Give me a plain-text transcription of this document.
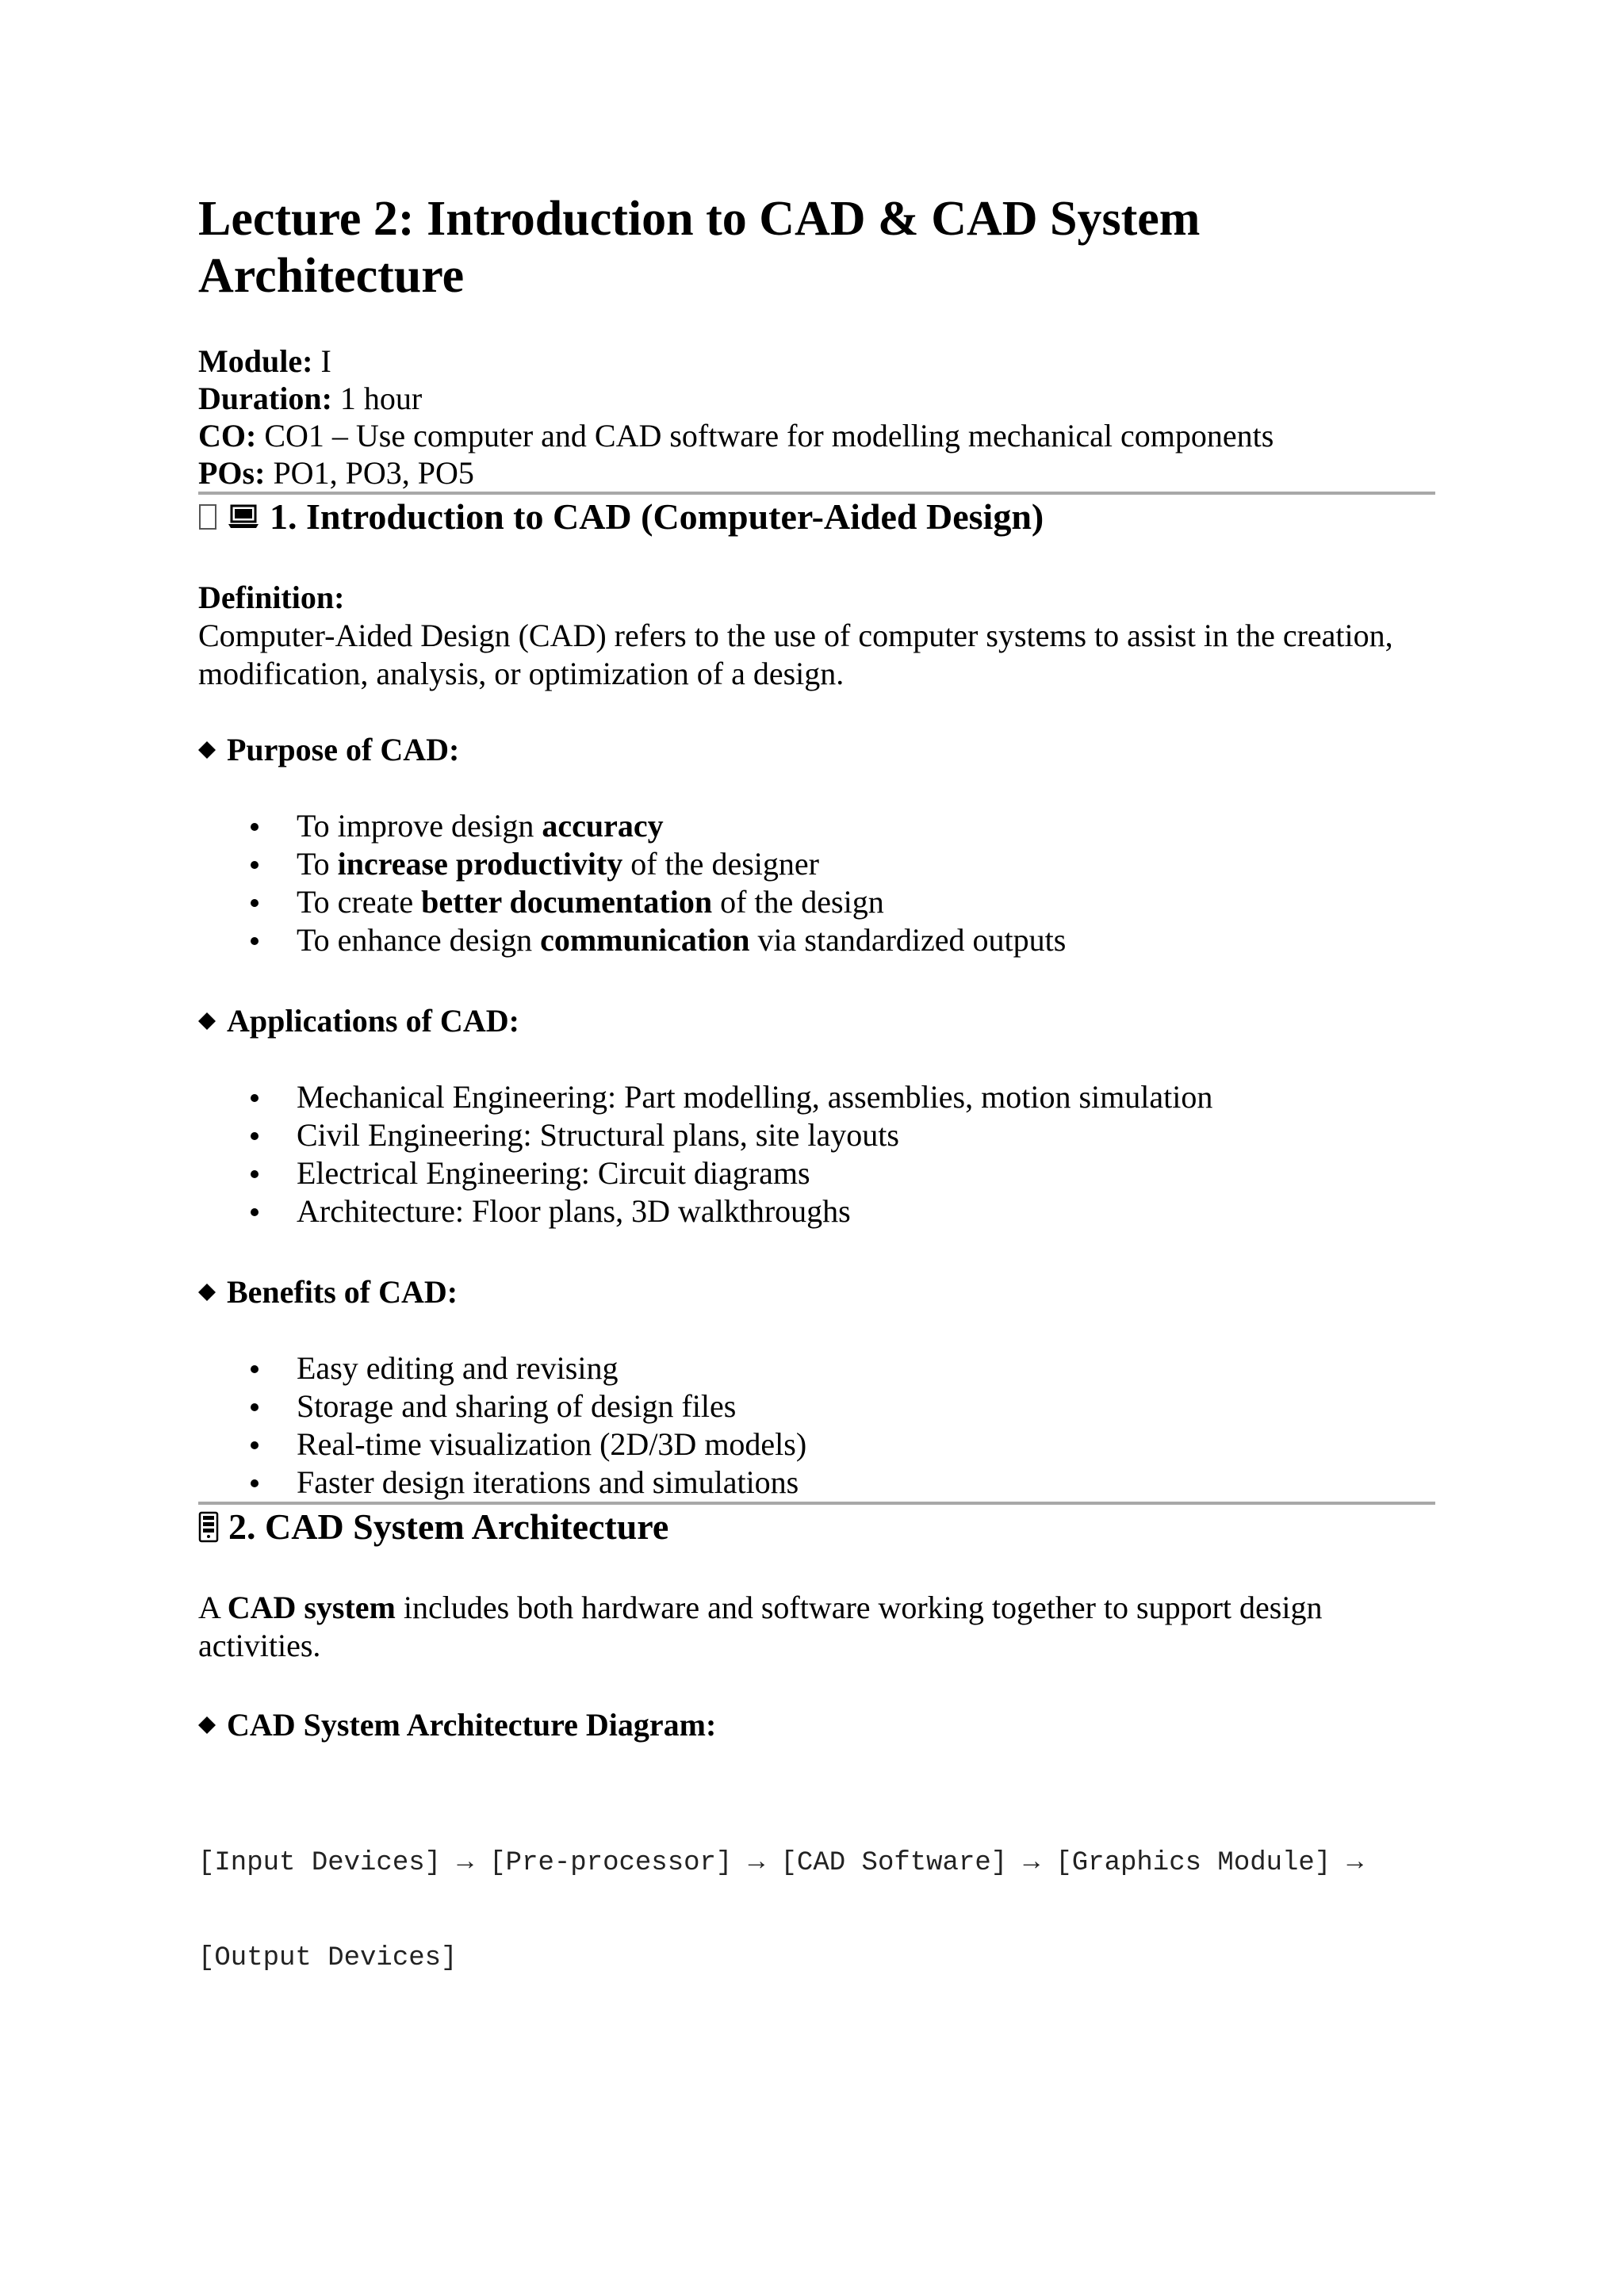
Lecture 2: Introduction to CAD & CAD System Architecture
Module: I
Duration: 1 hour
CO: CO1 – Use computer and CAD software for modelling mechanical components
POs: PO1, PO3, PO5
1. Introduction to CAD (Computer-Aided Design)
Definition:

Computer-Aided Design (CAD) refers to the use of computer systems to assist in the creation, modification, analysis, or optimization of a design.

Purpose of CAD:
To improve design accuracy
To increase productivity of the designer
To create better documentation of the design
To enhance design communication via standardized outputs
Applications of CAD:
Mechanical Engineering: Part modelling, assemblies, motion simulation
Civil Engineering: Structural plans, site layouts
Electrical Engineering: Circuit diagrams
Architecture: Floor plans, 3D walkthroughs
Benefits of CAD:
Easy editing and revising
Storage and sharing of design files
Real-time visualization (2D/3D models)
Faster design iterations and simulations
2. CAD System Architecture

A CAD system includes both hardware and software working together to support design activities.

CAD System Architecture Diagram:

[Input Devices] → [Pre-processor] → [CAD Software] → [Graphics Module] →

[Output Devices]
